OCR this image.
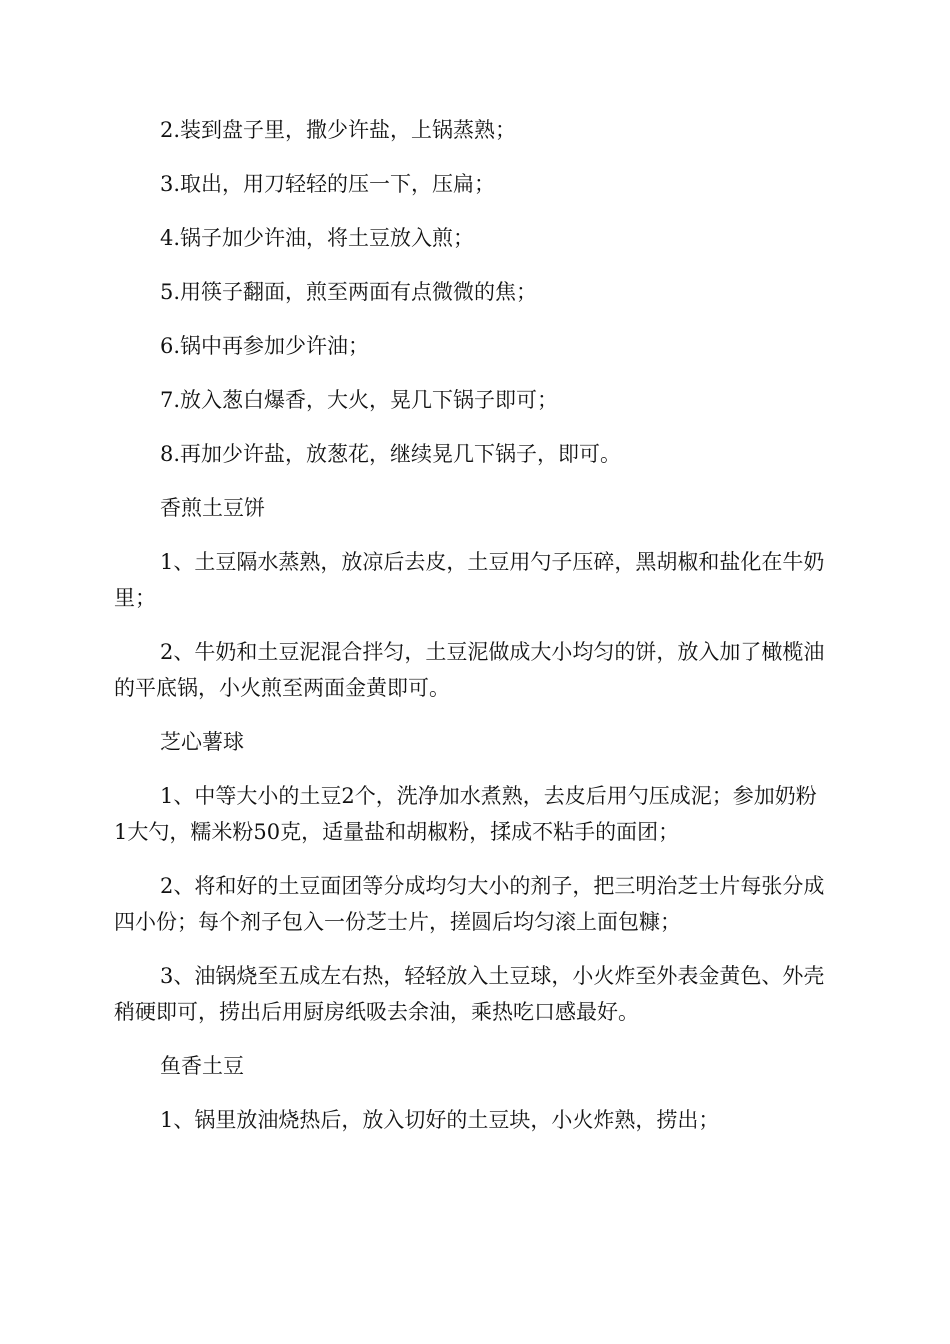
2.装到盘子里，撒少许盐，上锅蒸熟；

3.取出，用刀轻轻的压一下，压扁；

4.锅子加少许油，将土豆放入煎；

5.用筷子翻面，煎至两面有点微微的焦；

6.锅中再参加少许油；

7.放入葱白爆香，大火，晃几下锅子即可；

8.再加少许盐，放葱花，继续晃几下锅子，即可。

香煎土豆饼

1、土豆隔水蒸熟，放凉后去皮，土豆用勺子压碎，黑胡椒和盐化在牛奶里；

2、牛奶和土豆泥混合拌匀，土豆泥做成大小均匀的饼，放入加了橄榄油的平底锅，小火煎至两面金黄即可。

芝心薯球

1、中等大小的土豆2个，洗净加水煮熟，去皮后用勺压成泥；参加奶粉1大勺，糯米粉50克，适量盐和胡椒粉，揉成不粘手的面团；

2、将和好的土豆面团等分成均匀大小的剂子，把三明治芝士片每张分成四小份；每个剂子包入一份芝士片，搓圆后均匀滚上面包糠；

3、油锅烧至五成左右热，轻轻放入土豆球，小火炸至外表金黄色、外壳稍硬即可，捞出后用厨房纸吸去余油，乘热吃口感最好。

鱼香土豆

1、锅里放油烧热后，放入切好的土豆块，小火炸熟，捞出；
